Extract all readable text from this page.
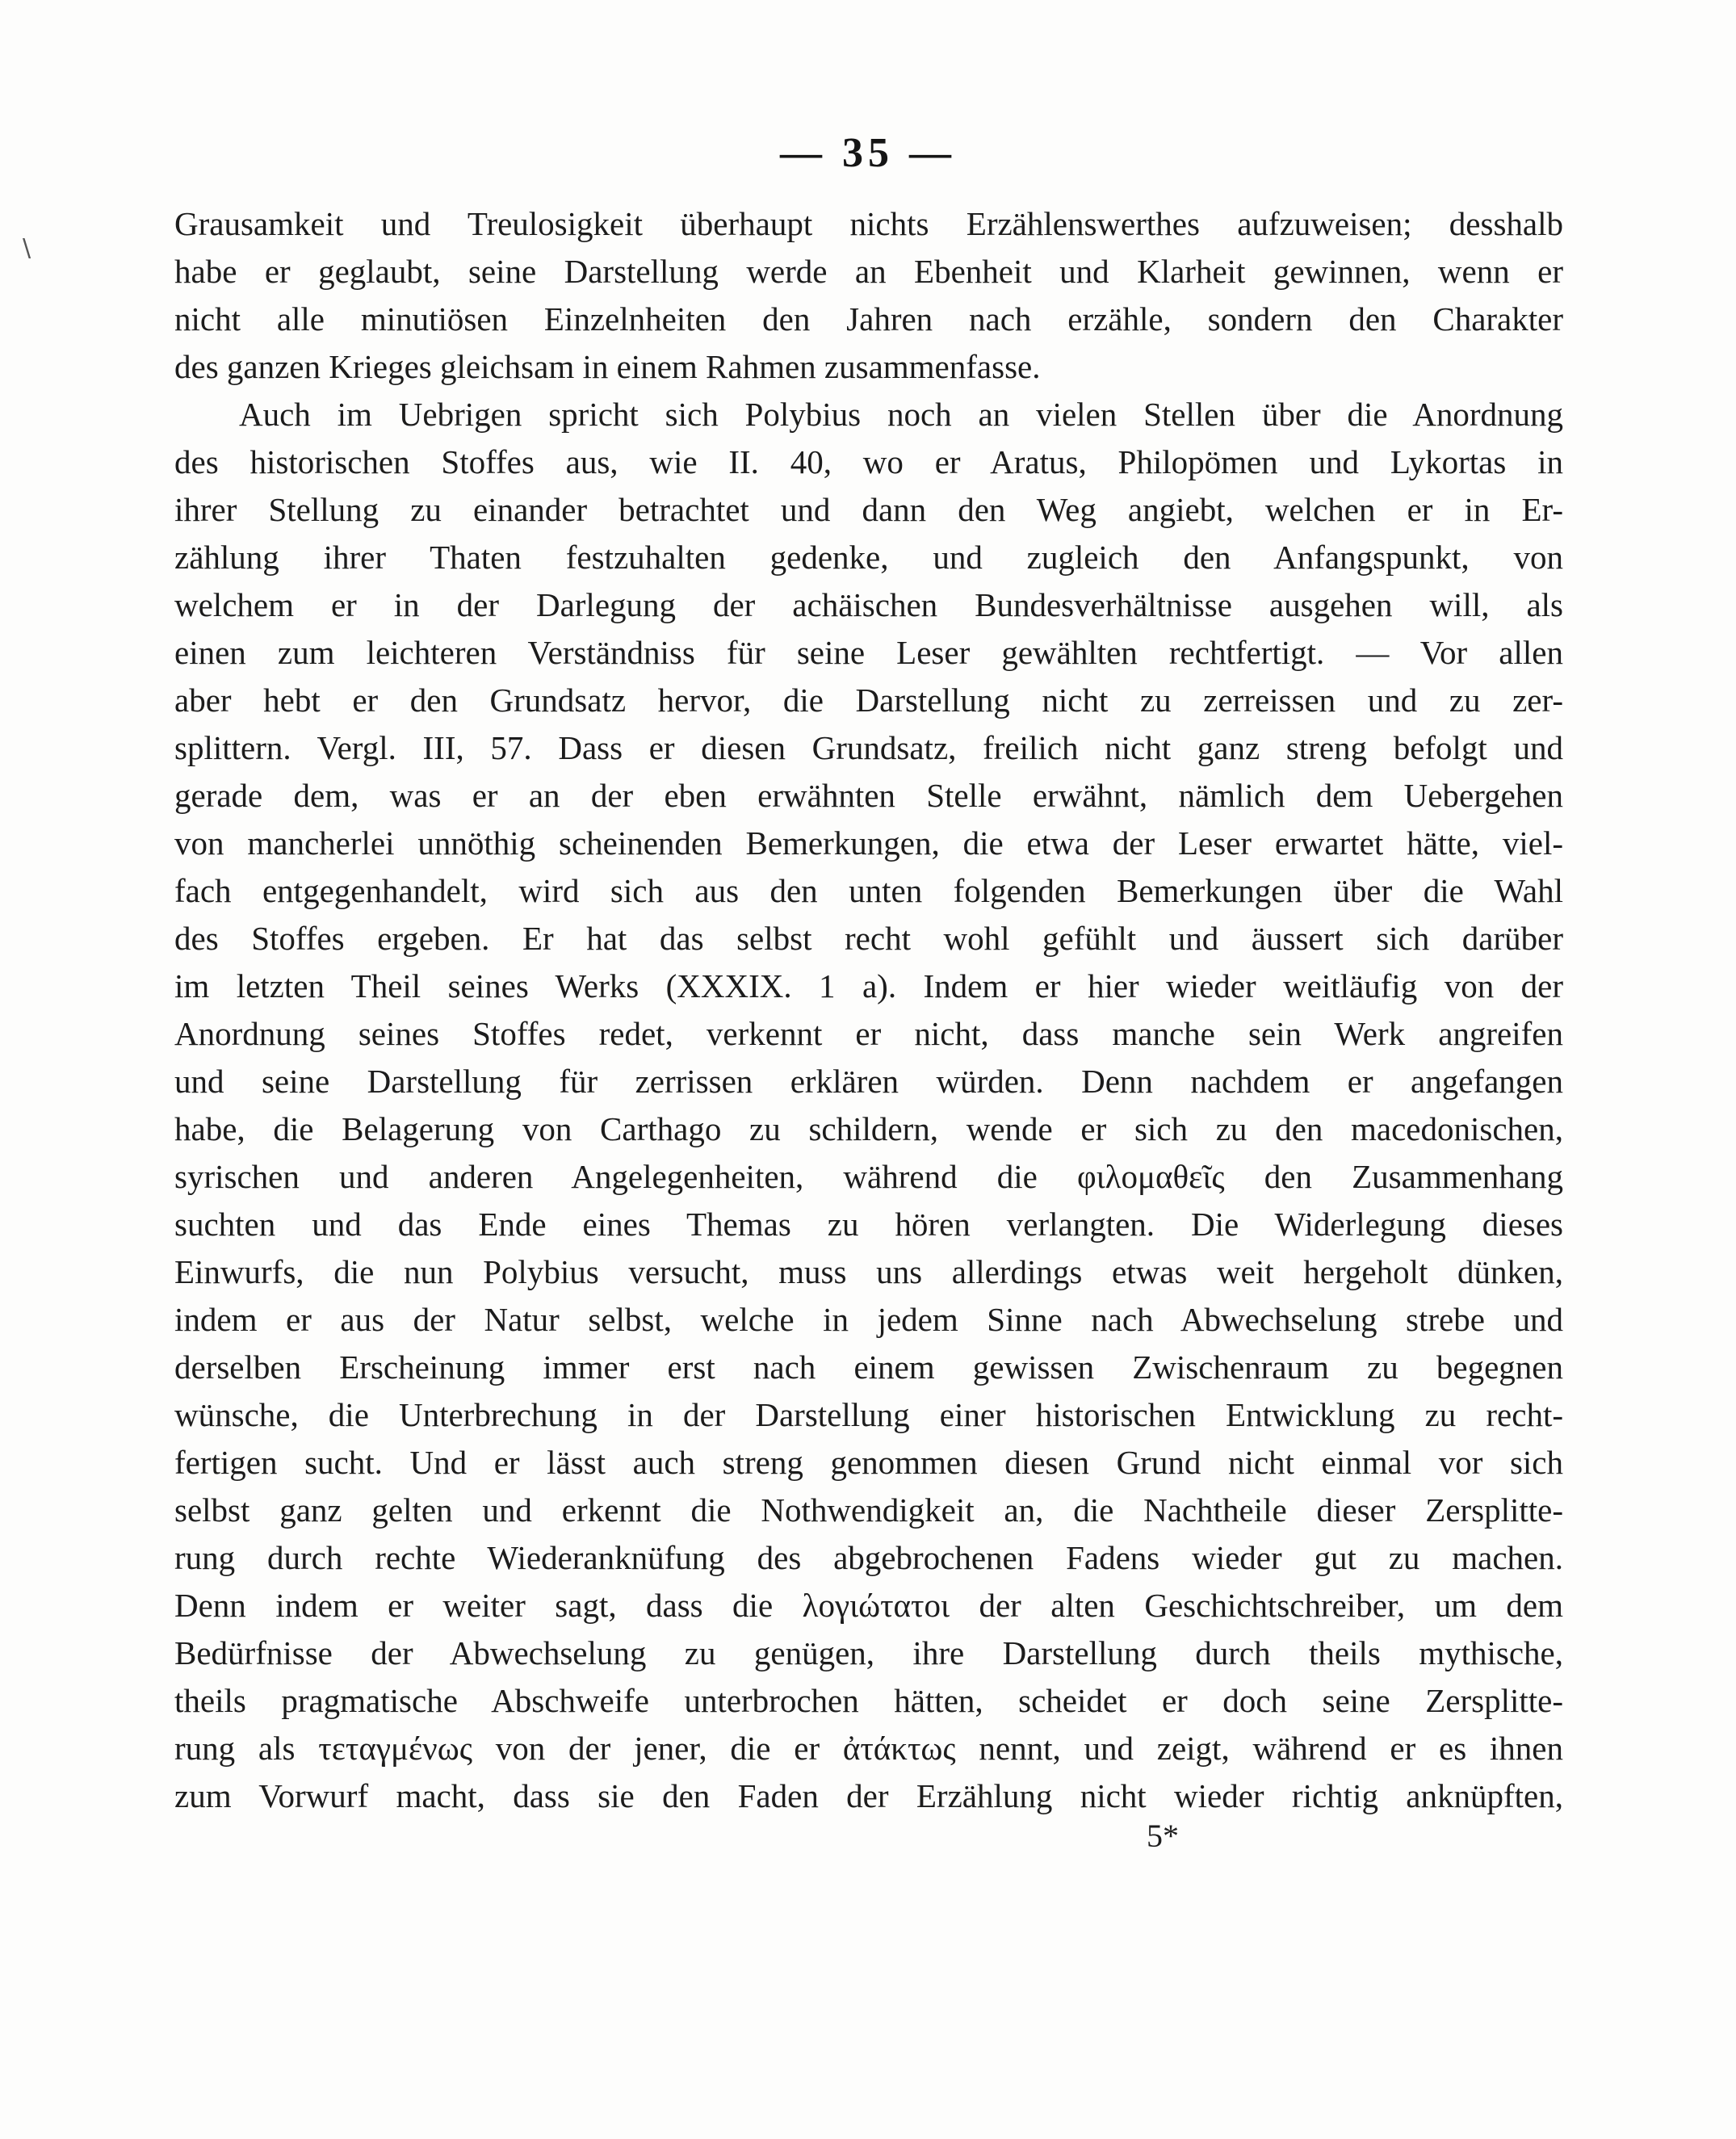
\
— 35 —
Grausamkeit und Treulosigkeit überhaupt nichts Erzählenswerthes aufzuweisen; desshalb
habe er geglaubt, seine Darstellung werde an Ebenheit und Klarheit gewinnen, wenn er
nicht alle minutiösen Einzelnheiten den Jahren nach erzähle, sondern den Charakter
des ganzen Krieges gleichsam in einem Rahmen zusammenfasse.
Auch im Uebrigen spricht sich Polybius noch an vielen Stellen über die Anordnung
des historischen Stoffes aus, wie II. 40, wo er Aratus, Philopömen und Lykortas in
ihrer Stellung zu einander betrachtet und dann den Weg angiebt, welchen er in Er-
zählung ihrer Thaten festzuhalten gedenke, und zugleich den Anfangspunkt, von
welchem er in der Darlegung der achäischen Bundesverhältnisse ausgehen will, als
einen zum leichteren Verständniss für seine Leser gewählten rechtfertigt. — Vor allen
aber hebt er den Grundsatz hervor, die Darstellung nicht zu zerreissen und zu zer-
splittern. Vergl. III, 57. Dass er diesen Grundsatz, freilich nicht ganz streng befolgt und
gerade dem, was er an der eben erwähnten Stelle erwähnt, nämlich dem Uebergehen
von mancherlei unnöthig scheinenden Bemerkungen, die etwa der Leser erwartet hätte, viel-
fach entgegenhandelt, wird sich aus den unten folgenden Bemerkungen über die Wahl
des Stoffes ergeben. Er hat das selbst recht wohl gefühlt und äussert sich darüber
im letzten Theil seines Werks (XXXIX. 1 a). Indem er hier wieder weitläufig von der
Anordnung seines Stoffes redet, verkennt er nicht, dass manche sein Werk angreifen
und seine Darstellung für zerrissen erklären würden. Denn nachdem er angefangen
habe, die Belagerung von Carthago zu schildern, wende er sich zu den macedonischen,
syrischen und anderen Angelegenheiten, während die φιλομαθεῖς den Zusammenhang
suchten und das Ende eines Themas zu hören verlangten. Die Widerlegung dieses
Einwurfs, die nun Polybius versucht, muss uns allerdings etwas weit hergeholt dünken,
indem er aus der Natur selbst, welche in jedem Sinne nach Abwechselung strebe und
derselben Erscheinung immer erst nach einem gewissen Zwischenraum zu begegnen
wünsche, die Unterbrechung in der Darstellung einer historischen Entwicklung zu recht-
fertigen sucht. Und er lässt auch streng genommen diesen Grund nicht einmal vor sich
selbst ganz gelten und erkennt die Nothwendigkeit an, die Nachtheile dieser Zersplitte-
rung durch rechte Wiederanknüfung des abgebrochenen Fadens wieder gut zu machen.
Denn indem er weiter sagt, dass die λογιώτατοι der alten Geschichtschreiber, um dem
Bedürfnisse der Abwechselung zu genügen, ihre Darstellung durch theils mythische,
theils pragmatische Abschweife unterbrochen hätten, scheidet er doch seine Zersplitte-
rung als τεταγμένως von der jener, die er ἀτάκτως nennt, und zeigt, während er es ihnen
zum Vorwurf macht, dass sie den Faden der Erzählung nicht wieder richtig anknüpften,
5*
